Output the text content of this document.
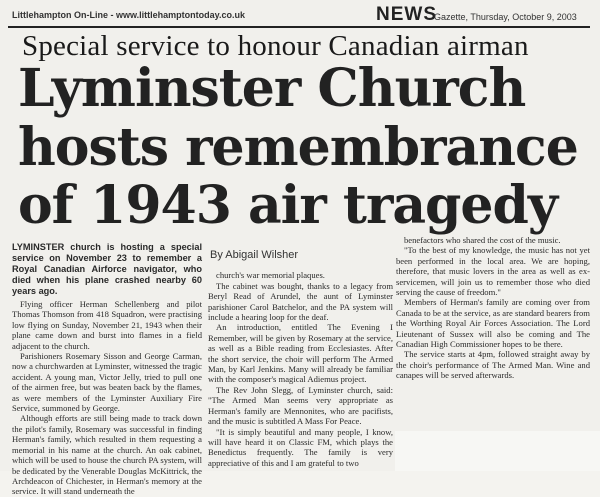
Littlehampton On-Line - www.littlehamptontoday.co.uk	NEWS
Gazette, Thursday, October 9, 2003
Special service to honour Canadian airman
Lyminster Church
hosts remembrance
of 1943 air tragedy

LYMINSTER church is hosting a special service on November 23 to remember a Royal Canadian Airforce navigator, who died when his plane crashed nearby 60 years ago.

Flying officer Herman Schellenberg and pilot Thomas Thomson from 418 Squadron, were practising low flying on Sunday, November 21, 1943 when their plane came down and burst into flames in a field adjacent to the church.

Parishioners Rosemary Sisson and George Carman, now a churchwarden at Lyminster, witnessed the tragic accident. A young man, Victor Jelly, tried to pull one of the airmen free, but was beaten back by the flames, as were members of the Lyminster Auxiliary Fire Service, summoned by George.

Although efforts are still being made to track down the pilot's family, Rosemary was successful in finding Herman's family, which resulted in them requesting a memorial in his name at the church. An oak cabinet, which will be used to house the church PA system, will be dedicated by the Venerable Douglas McKittrick, the Archdeacon of Chichester, in Herman's memory at the service. It will stand underneath the

By Abigail Wilsher

church's war memorial plaques.

The cabinet was bought, thanks to a legacy from Beryl Read of Arundel, the aunt of Lyminster parishioner Carol Batchelor, and the PA system will include a hearing loop for the deaf.

An introduction, entitled The Evening I Remember, will be given by Rosemary at the service, as well as a Bible reading from Ecclesiastes. After the short service, the choir will perform The Armed Man, by Karl Jenkins. Many will already be familiar with the composer's magical Adiemus project.

The Rev John Slegg, of Lyminster church, said: "The Armed Man seems very appropriate as Herman's family are Mennonites, who are pacifists, and the music is subtitled A Mass For Peace.

"It is simply beautiful and many people, I know, will have heard it on Classic FM, which plays the Benedictus frequently. The family is very appreciative of this and I am grateful to two

benefactors who shared the cost of the music.

"To the best of my knowledge, the music has not yet been performed in the local area. We are hoping, therefore, that music lovers in the area as well as ex-servicemen, will join us to remember those who died serving the cause of freedom."

Members of Herman's family are coming over from Canada to be at the service, as are standard bearers from the Worthing Royal Air Forces Association. The Lord Lieutenant of Sussex will also be coming and The Canadian High Commissioner hopes to be there.

The service starts at 4pm, followed straight away by the choir's performance of The Armed Man. Wine and canapes will be served afterwards.
